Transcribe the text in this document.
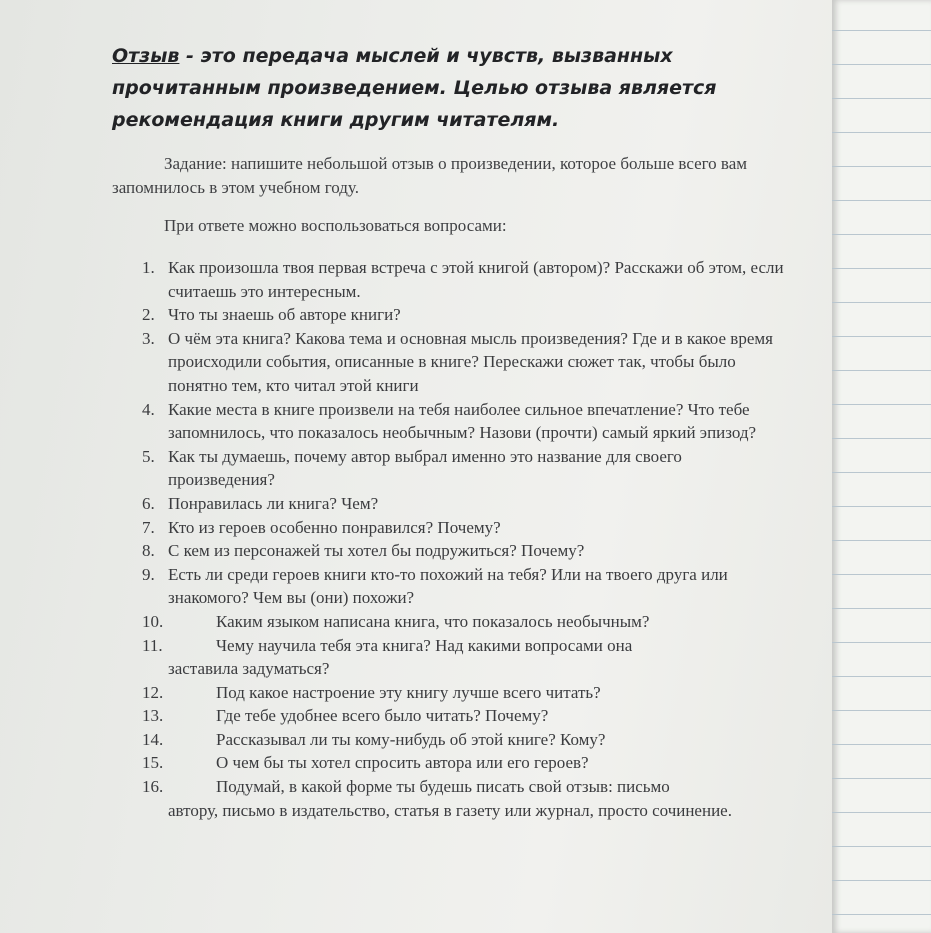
Отзыв - это передача мыслей и чувств, вызванных прочитанным произведением. Целью отзыва является рекомендация книги другим читателям.

Задание: напишите небольшой отзыв о произведении, которое больше всего вам запомнилось в этом учебном году.

При ответе можно воспользоваться вопросами:

1. Как произошла твоя первая встреча с этой книгой (автором)? Расскажи об этом, если считаешь это интересным.
2. Что ты знаешь об авторе книги?
3. О чём эта книга? Какова тема и основная мысль произведения? Где и в какое время происходили события, описанные в книге? Перескажи сюжет так, чтобы было понятно тем, кто читал этой книги
4. Какие места в книге произвели на тебя наиболее сильное впечатление? Что тебе запомнилось, что показалось необычным? Назови (прочти) самый яркий эпизод?
5. Как ты думаешь, почему автор выбрал именно это название для своего произведения?
6. Понравилась ли книга? Чем?
7. Кто из героев особенно понравился? Почему?
8. С кем из персонажей ты хотел бы подружиться? Почему?
9. Есть ли среди героев книги кто-то похожий на тебя? Или на твоего друга или знакомого? Чем вы (они) похожи?
10.	Каким языком написана книга, что показалось необычным?
11.	Чему научила тебя эта книга? Над какими вопросами она
заставила задуматься?
12.	Под какое настроение эту книгу лучше всего читать?
13.	Где тебе удобнее всего было читать? Почему?
14.	Рассказывал ли ты кому-нибудь об этой книге? Кому?
15.	О чем бы ты хотел спросить автора или его героев?
16.	Подумай, в какой форме ты будешь писать свой отзыв: письмо
автору, письмо в издательство, статья в газету или журнал, просто сочинение.
